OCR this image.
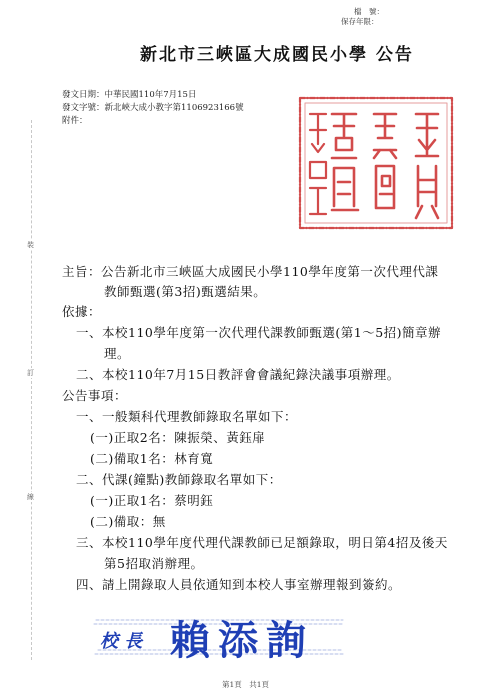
檔　號：
保存年限：
新北市三峽區大成國民小學 公告
發文日期：中華民國110年7月15日
發文字號：新北峽大成小教字第1106923166號
附件：
裝
訂
線
主旨：公告新北市三峽區大成國民小學110學年度第一次代理代課
教師甄選(第3招)甄選結果。
依據：
一、本校110學年度第一次代理代課教師甄選(第1～5招)簡章辦
理。
二、本校110年7月15日教評會會議紀錄決議事項辦理。
公告事項：
一、一般類科代理教師錄取名單如下：
(一)正取2名：陳振榮、黃鈺扉
(二)備取1名：林育寬
二、代課(鐘點)教師錄取名單如下：
(一)正取1名：蔡明鈺
(二)備取：無
三、本校110學年度代理代課教師已足額錄取，明日第4招及後天
第5招取消辦理。
四、請上開錄取人員依通知到本校人事室辦理報到簽約。
校 長 賴添詢
第1頁　共1頁
